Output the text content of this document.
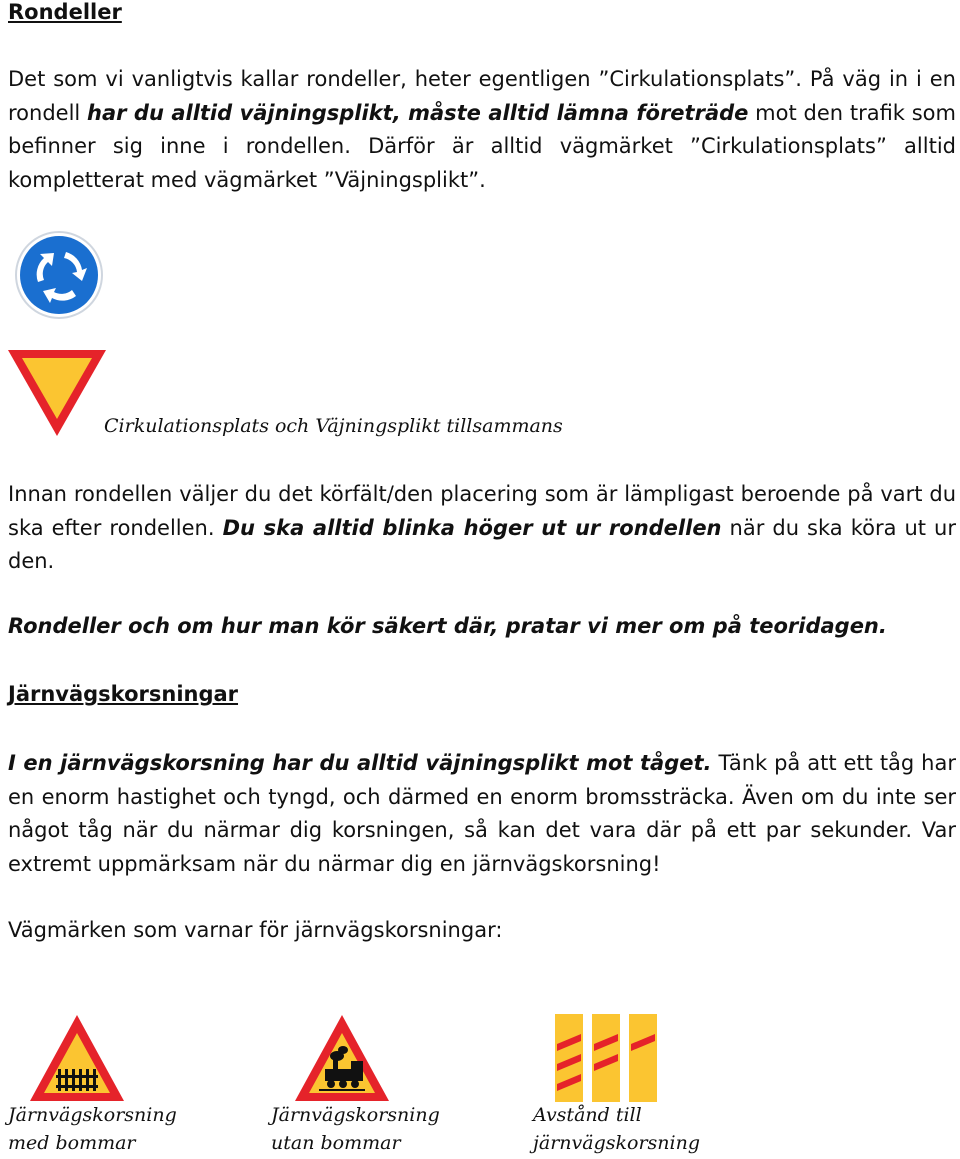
Rondeller
Det som vi vanligtvis kallar rondeller, heter egentligen ”Cirkulationsplats”. På väg in i en rondell har du alltid väjningsplikt, måste alltid lämna företräde mot den trafik som befinner sig inne i rondellen. Därför är alltid vägmärket ”Cirkulationsplats” alltid kompletterat med vägmärket ”Väjningsplikt”.
Cirkulationsplats och Väjningsplikt tillsammans
Innan rondellen väljer du det körfält/den placering som är lämpligast beroende på vart du ska efter rondellen. Du ska alltid blinka höger ut ur rondellen när du ska köra ut ur den.
Rondeller och om hur man kör säkert där, pratar vi mer om på teoridagen.
Järnvägskorsningar
I en järnvägskorsning har du alltid väjningsplikt mot tåget. Tänk på att ett tåg har en enorm hastighet och tyngd, och därmed en enorm bromssträcka. Även om du inte ser något tåg när du närmar dig korsningen, så kan det vara där på ett par sekunder. Var extremt uppmärksam när du närmar dig en järnvägskorsning!
Vägmärken som varnar för järnvägskorsningar:
Järnvägskorsning
med bommar
Järnvägskorsning
utan bommar
Avstånd till
järnvägskorsning
